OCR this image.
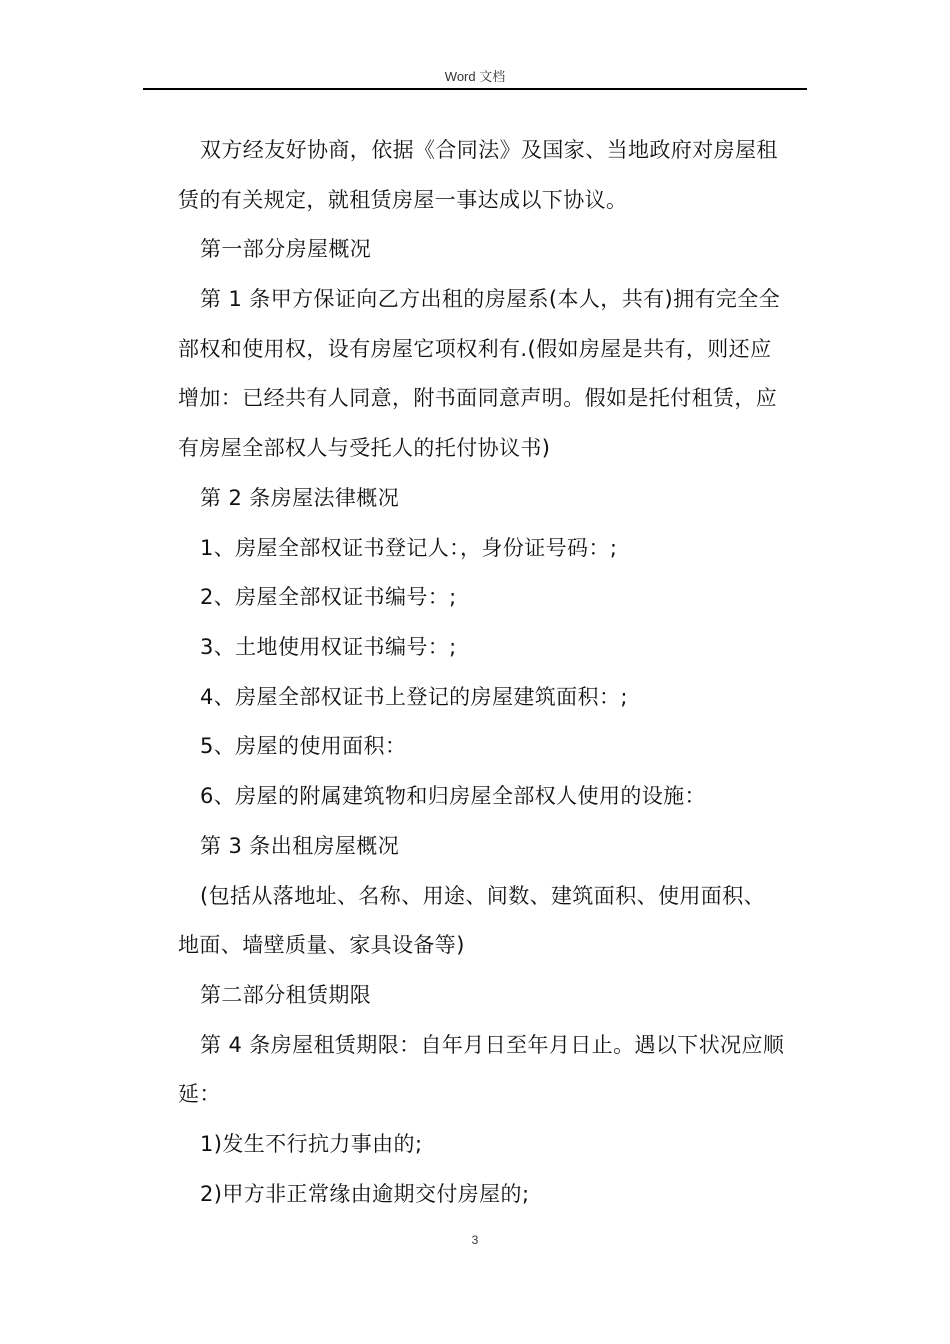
Word 文档
双方经友好协商，依据《合同法》及国家、当地政府对房屋租
赁的有关规定，就租赁房屋一事达成以下协议。
第一部分房屋概况
第 1 条甲方保证向乙方出租的房屋系(本人，共有)拥有完全全
部权和使用权，设有房屋它项权利有.(假如房屋是共有，则还应
增加：已经共有人同意，附书面同意声明。假如是托付租赁，应
有房屋全部权人与受托人的托付协议书)
第 2 条房屋法律概况
1、房屋全部权证书登记人：，身份证号码：;
2、房屋全部权证书编号：;
3、土地使用权证书编号：;
4、房屋全部权证书上登记的房屋建筑面积：;
5、房屋的使用面积：
6、房屋的附属建筑物和归房屋全部权人使用的设施：
第 3 条出租房屋概况
(包括从落地址、名称、用途、间数、建筑面积、使用面积、
地面、墙壁质量、家具设备等)
第二部分租赁期限
第 4 条房屋租赁期限：自年月日至年月日止。遇以下状况应顺
延：
1)发生不行抗力事由的;
2)甲方非正常缘由逾期交付房屋的;
3
